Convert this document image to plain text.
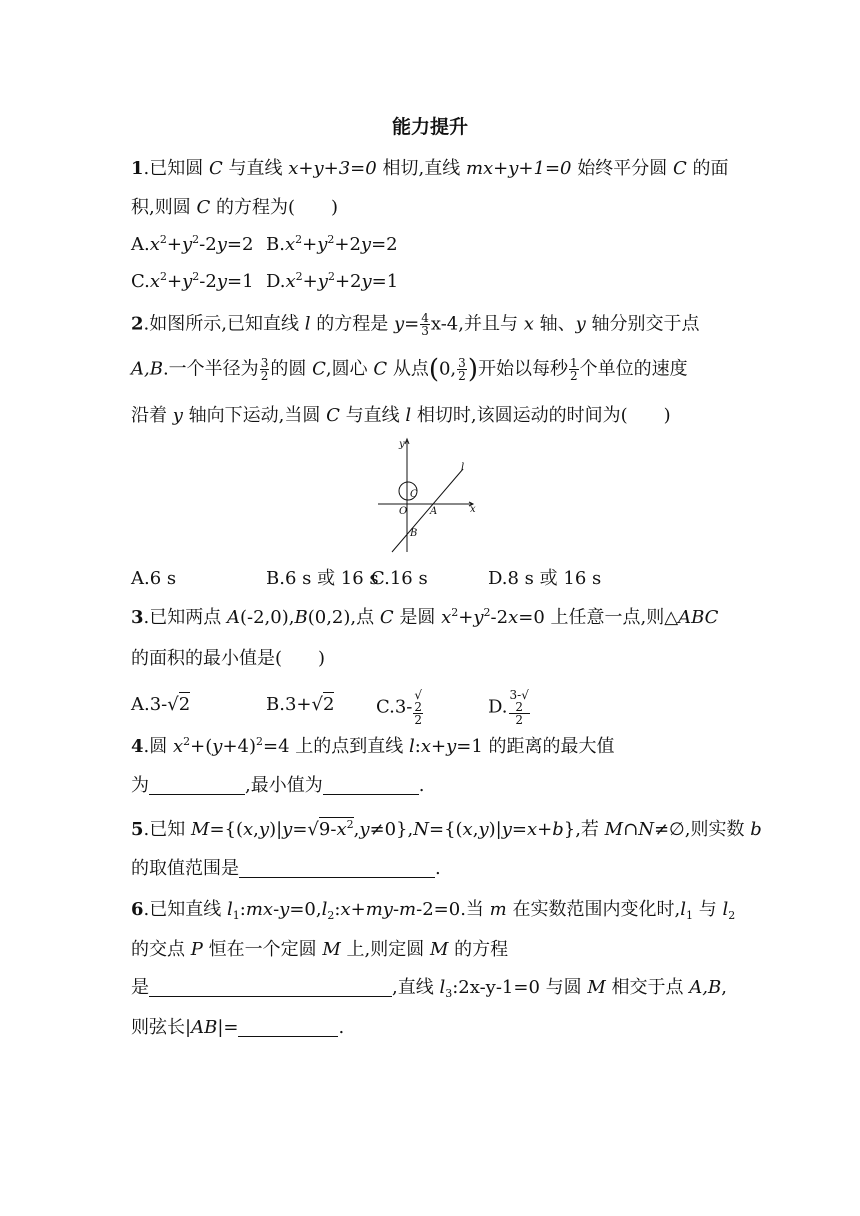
能力提升
1.已知圆 C 与直线 x+y+3=0 相切,直线 mx+y+1=0 始终平分圆 C 的面
积,则圆 C 的方程为(　　)
$A.x^2+y^2-2y=2$ $B.x^2+y^2+2y=2$
$C.x^2+y^2-2y=1$ $D.x^2+y^2+2y=1$
2.如图所示,已知直线 l 的方程是 $y= \frac{4}{3} x-4$,并且与 x 轴、y 轴分别交于点
A,B.一个半径为 $\frac{3}{2}$ 的圆 C,圆心 C 从点(0, $\frac{3}{2}$ )开始以每秒 $\frac{1}{2}$ 个单位的速度
沿着 y 轴向下运动,当圆 C 与直线 l 相切时,该圆运动的时间为(　　)
y
x
l
C
O A
B
A.6 s	B.6 s 或 16 s
C.16 s	D.8 s 或 16 s
3.已知两点 A(-2,0),B(0,2),点 C 是圆 $x^2+y^2-2x=0$ 上任意一点,则△ABC
的面积的最小值是(　　)
A.3-√2	B.3+√2 C.3- √
2
2	D. 3-√
2
2
4.圆 $x^2+(y+4)^2=4$ 上的点到直线 l:x+y=1 的距离的最大值
为	,最小值为	.
5.已知 $M=\{(x,y)|y=√9-x^2,y\ne 0\},N=\{(x,y)|y=x+b\}$,若 M∩N≠∅,则实数 b
的取值范围是	.
6.已知直线 $l_1:mx-y=0,l_2:x+my-m-2=0$.当 m 在实数范围内变化时$,l_1$ 与 $l_2$
的交点 P 恒在一个定圆 M 上,则定圆 M 的方程
是	,直线 $l_3:2x-y-1=0$ 与圆 M 相交于点 A,B,
则弦长|AB|=	.
